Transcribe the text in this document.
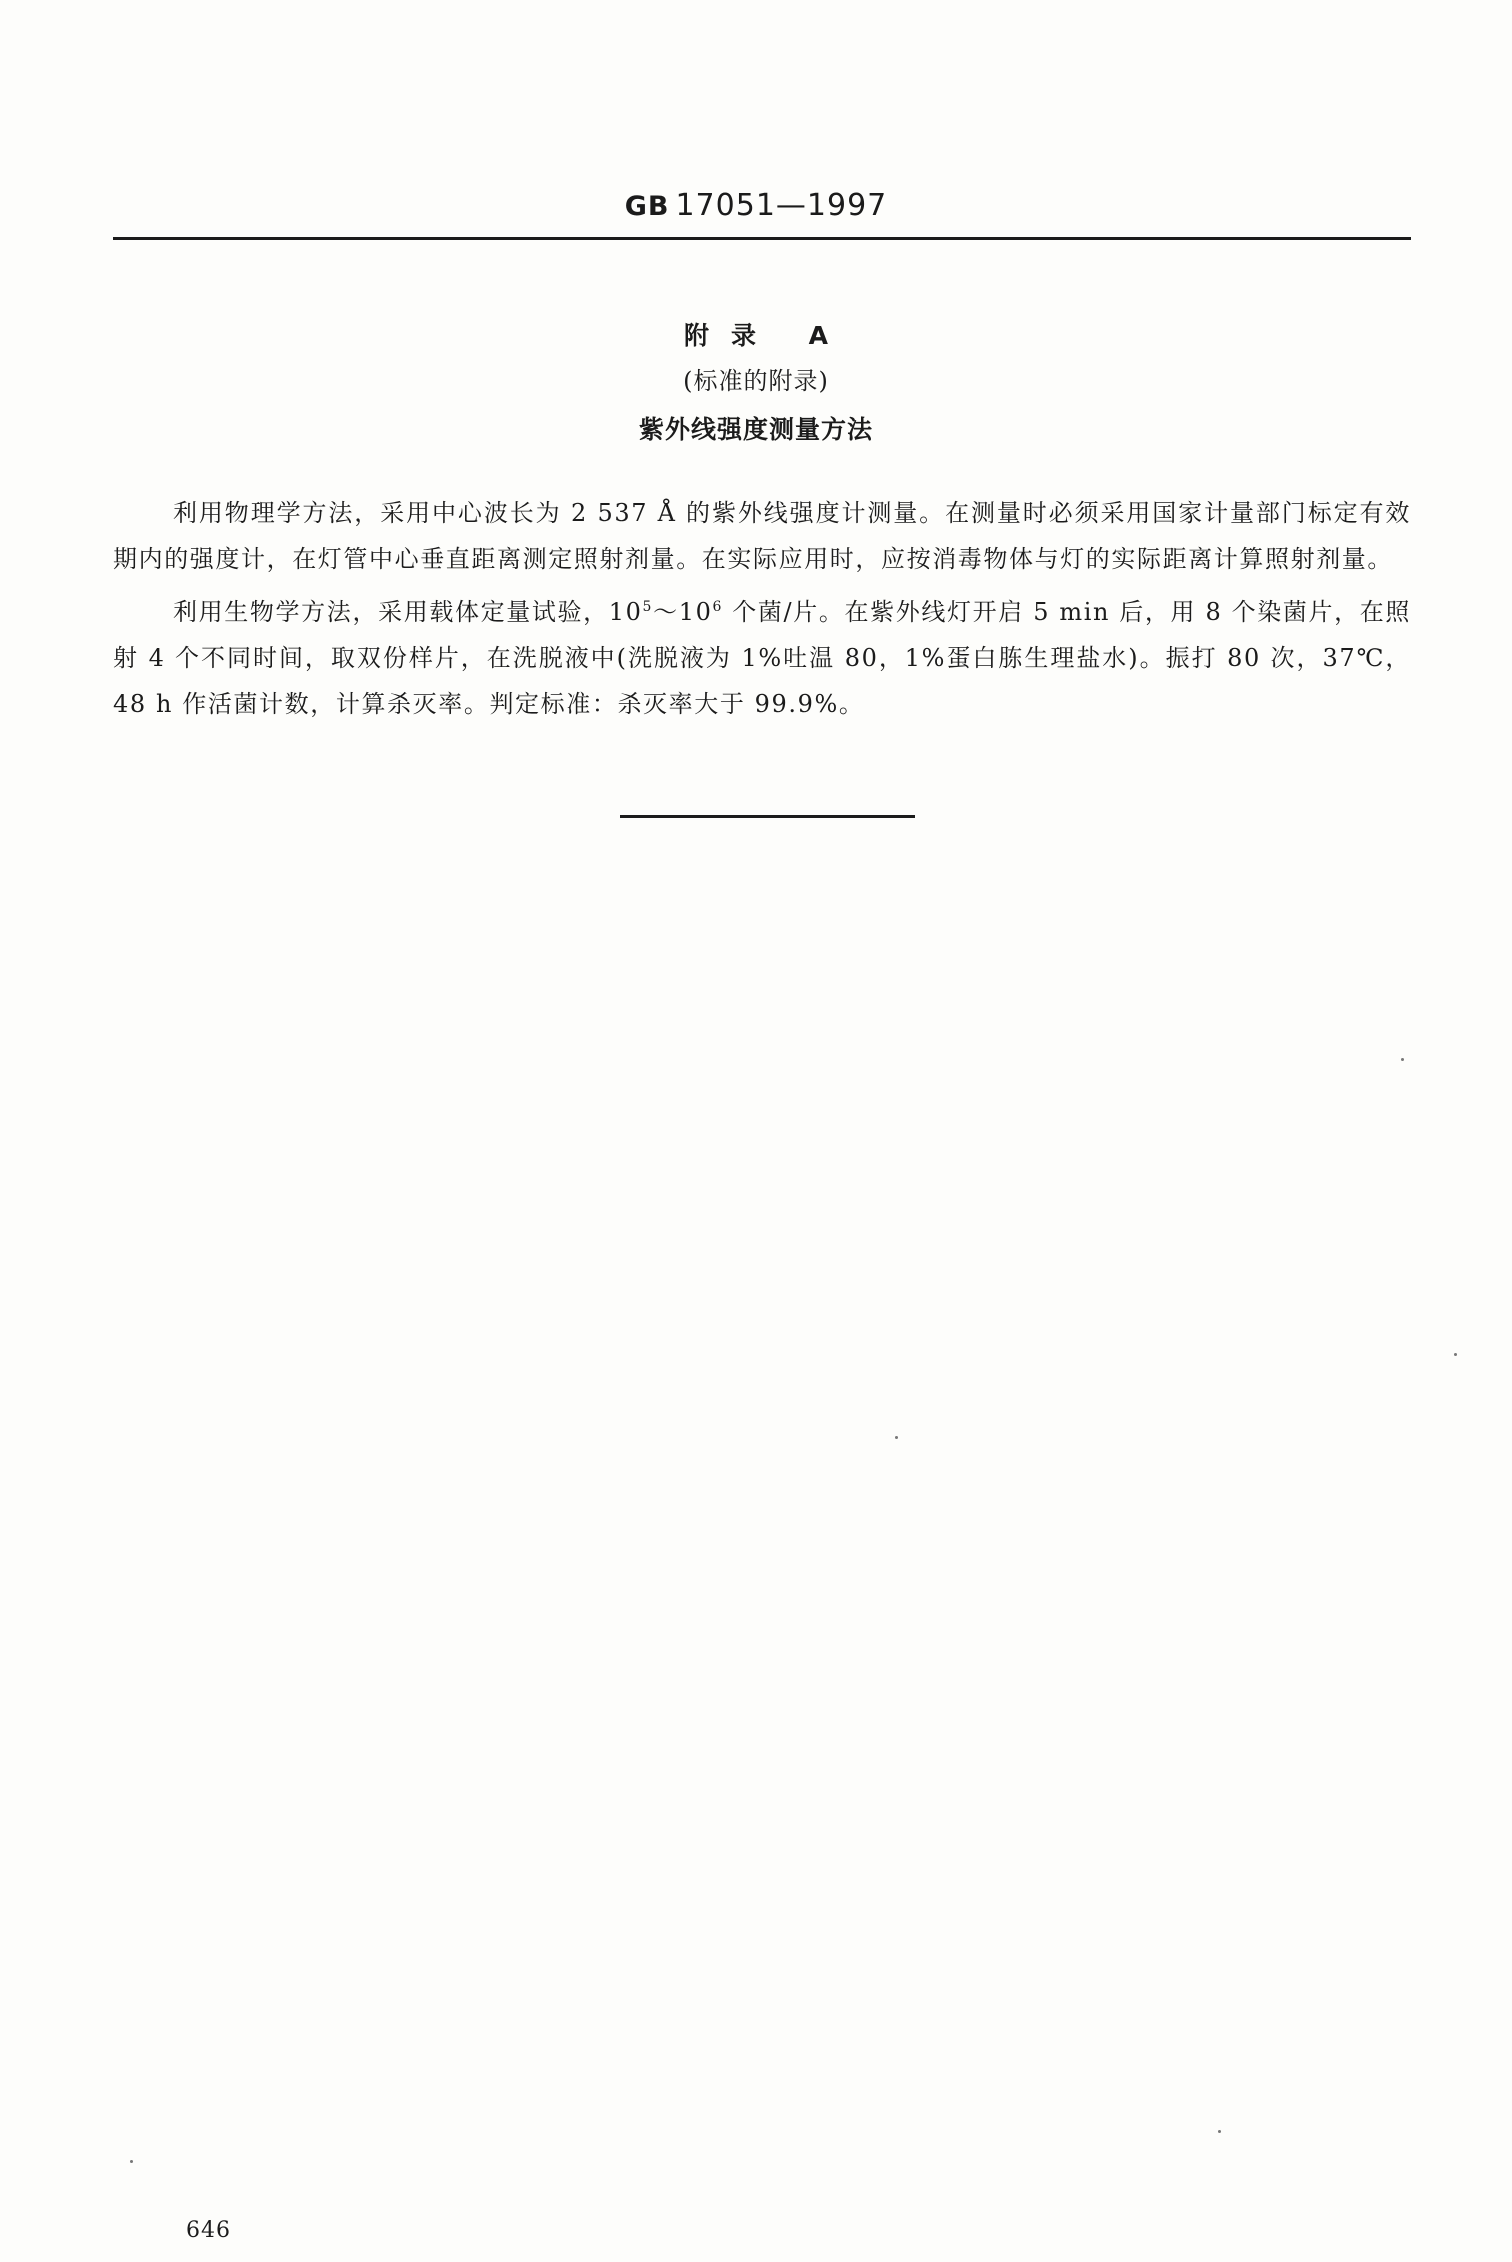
GB 17051—1997
附录 A
(标准的附录)
紫外线强度测量方法

利用物理学方法，采用中心波长为 2 537 Å 的紫外线强度计测量。在测量时必须采用国家计量部门标定有效期内的强度计，在灯管中心垂直距离测定照射剂量。在实际应用时，应按消毒物体与灯的实际距离计算照射剂量。

利用生物学方法，采用载体定量试验，$10^5\sim 10^6$ 个菌/片。在紫外线灯开启 5 min 后，用 8 个染菌片，在照射 4 个不同时间，取双份样片，在洗脱液中(洗脱液为 1%吐温 80，1%蛋白胨生理盐水)。振打 80 次，37℃，48 h 作活菌计数，计算杀灭率。判定标准：杀灭率大于 99.9%。

646
